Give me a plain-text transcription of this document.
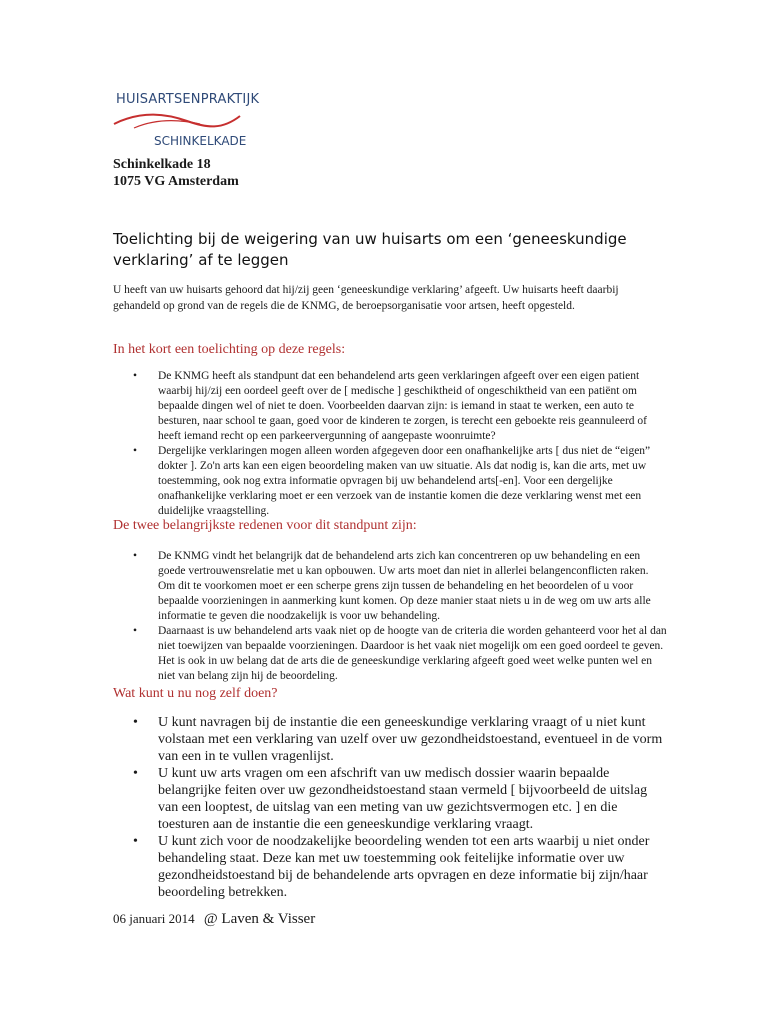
HUISARTSENPRAKTIJK
SCHINKELKADE
Schinkelkade 18
1075 VG Amsterdam
Toelichting bij de weigering van uw huisarts om een ‘geneeskundige verklaring’ af te leggen
U heeft van uw huisarts gehoord dat hij/zij geen ‘geneeskundige verklaring’ afgeeft. Uw huisarts heeft daarbij gehandeld op grond van de regels die de KNMG, de beroepsorganisatie voor artsen, heeft opgesteld.
In het kort een toelichting op deze regels:
• De KNMG heeft als standpunt dat een behandelend arts geen verklaringen afgeeft over een eigen patient waarbij hij/zij een oordeel geeft over de [ medische ] geschiktheid of ongeschiktheid van een patiënt om bepaalde dingen wel of niet te doen. Voorbeelden daarvan zijn: is iemand in staat te werken, een auto te besturen, naar school te gaan, goed voor de kinderen te zorgen, is terecht een geboekte reis geannuleerd of heeft iemand recht op een parkeervergunning of aangepaste woonruimte?
• Dergelijke verklaringen mogen alleen worden afgegeven door een onafhankelijke arts [ dus niet de “eigen” dokter ]. Zo'n arts kan een eigen beoordeling maken van uw situatie. Als dat nodig is, kan die arts, met uw toestemming, ook nog extra informatie opvragen bij uw behandelend arts[-en]. Voor een dergelijke onafhankelijke verklaring moet er een verzoek van de instantie komen die deze verklaring wenst met een duidelijke vraagstelling.
De twee belangrijkste redenen voor dit standpunt zijn:
• De KNMG vindt het belangrijk dat de behandelend arts zich kan concentreren op uw behandeling en een goede vertrouwensrelatie met u kan opbouwen. Uw arts moet dan niet in allerlei belangenconflicten raken. Om dit te voorkomen moet er een scherpe grens zijn tussen de behandeling en het beoordelen of u voor bepaalde voorzieningen in aanmerking kunt komen. Op deze manier staat niets u in de weg om uw arts alle informatie te geven die noodzakelijk is voor uw behandeling.
• Daarnaast is uw behandelend arts vaak niet op de hoogte van de criteria die worden gehanteerd voor het al dan niet toewijzen van bepaalde voorzieningen. Daardoor is het vaak niet mogelijk om een goed oordeel te geven. Het is ook in uw belang dat de arts die de geneeskundige verklaring afgeeft goed weet welke punten wel en niet van belang zijn hij de beoordeling.
Wat kunt u nu nog zelf doen?
• U kunt navragen bij de instantie die een geneeskundige verklaring vraagt of u niet kunt volstaan met een verklaring van uzelf over uw gezondheidstoestand, eventueel in de vorm van een in te vullen vragenlijst.
• U kunt uw arts vragen om een afschrift van uw medisch dossier waarin bepaalde belangrijke feiten over uw gezondheidstoestand staan vermeld [ bijvoorbeeld de uitslag van een looptest, de uitslag van een meting van uw gezichtsvermogen etc. ] en die toesturen aan de instantie die een geneeskundige verklaring vraagt.
• U kunt zich voor de noodzakelijke beoordeling wenden tot een arts waarbij u niet onder behandeling staat. Deze kan met uw toestemming ook feitelijke informatie over uw gezondheidstoestand bij de behandelende arts opvragen en deze informatie bij zijn/haar beoordeling betrekken.
06 januari 2014 @ Laven & Visser
